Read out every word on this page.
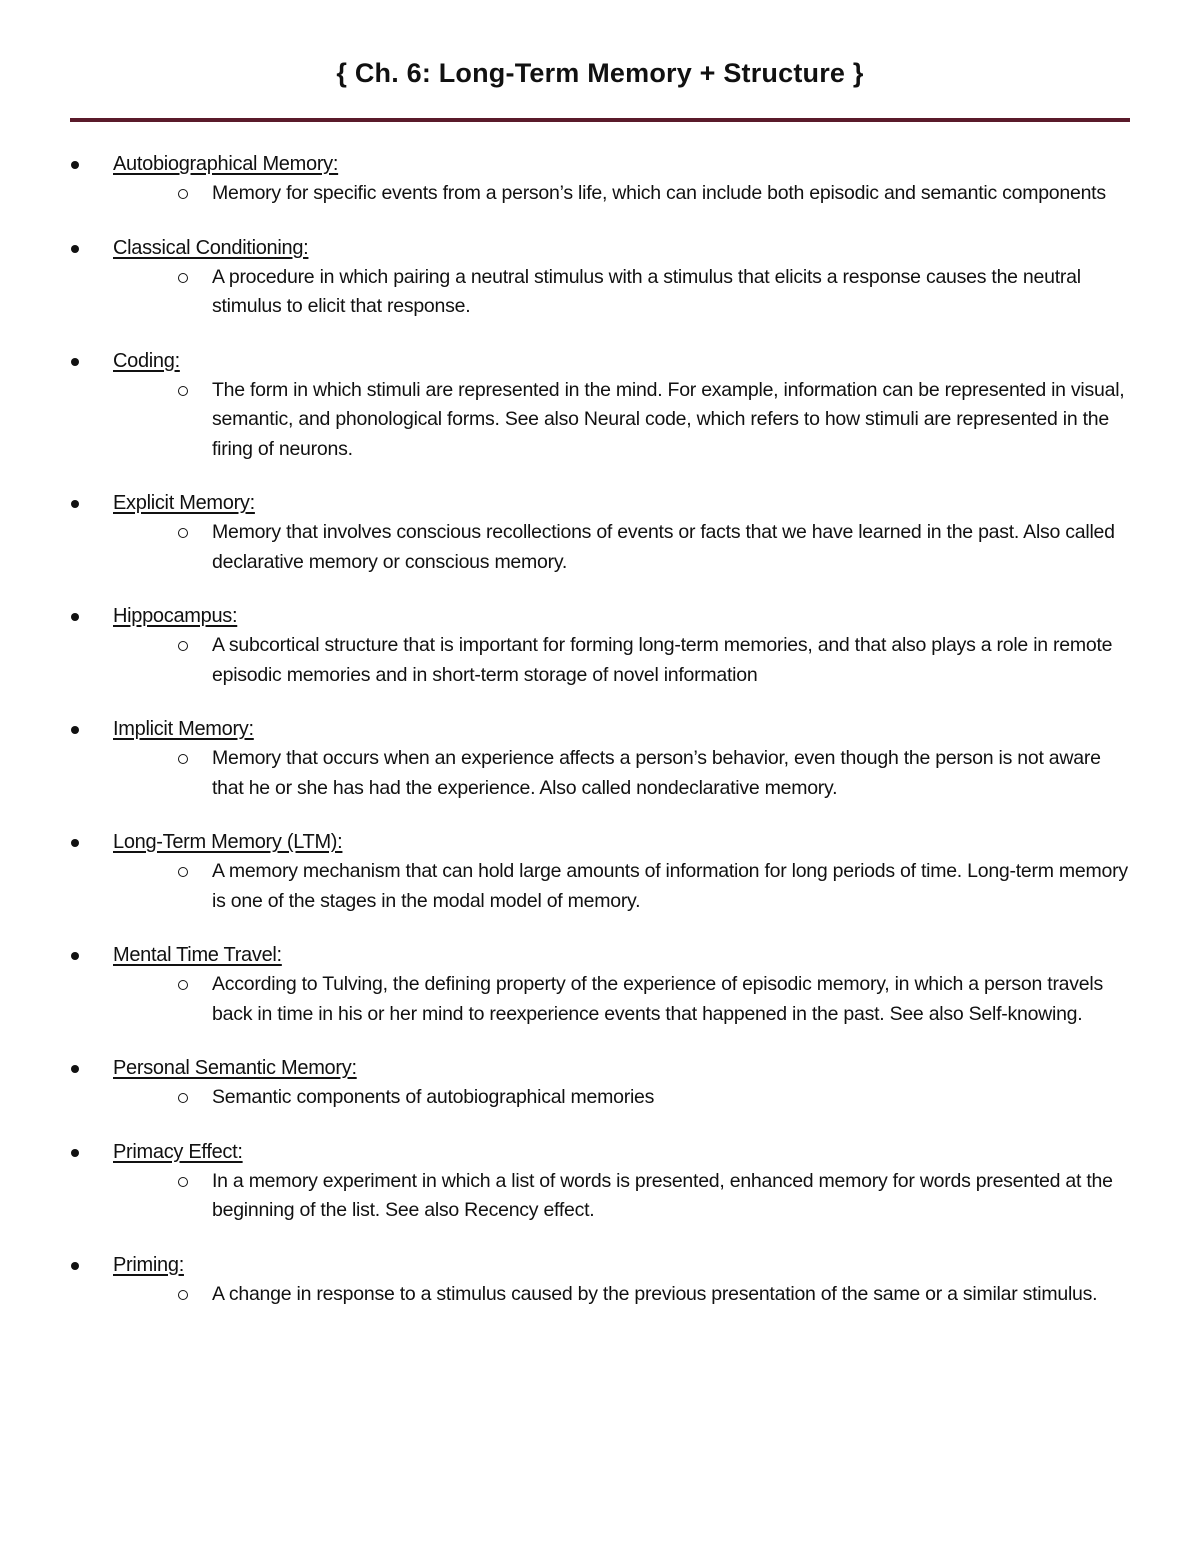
{ Ch. 6: Long-Term Memory + Structure }
Autobiographical Memory:
Memory for specific events from a person’s life, which can include both episodic and semantic components
Classical Conditioning:
A procedure in which pairing a neutral stimulus with a stimulus that elicits a response causes the neutral stimulus to elicit that response.
Coding:
The form in which stimuli are represented in the mind. For example, information can be represented in visual, semantic, and phonological forms. See also Neural code, which refers to how stimuli are represented in the firing of neurons.
Explicit Memory:
Memory that involves conscious recollections of events or facts that we have learned in the past. Also called declarative memory or conscious memory.
Hippocampus:
A subcortical structure that is important for forming long-term memories, and that also plays a role in remote episodic memories and in short-term storage of novel information
Implicit Memory:
Memory that occurs when an experience affects a person’s behavior, even though the person is not aware that he or she has had the experience. Also called nondeclarative memory.
Long-Term Memory (LTM):
A memory mechanism that can hold large amounts of information for long periods of time. Long-term memory is one of the stages in the modal model of memory.
Mental Time Travel:
According to Tulving, the defining property of the experience of episodic memory, in which a person travels back in time in his or her mind to reexperience events that happened in the past. See also Self-knowing.
Personal Semantic Memory:
Semantic components of autobiographical memories
Primacy Effect:
In a memory experiment in which a list of words is presented, enhanced memory for words presented at the beginning of the list. See also Recency effect.
Priming:
A change in response to a stimulus caused by the previous presentation of the same or a similar stimulus.
